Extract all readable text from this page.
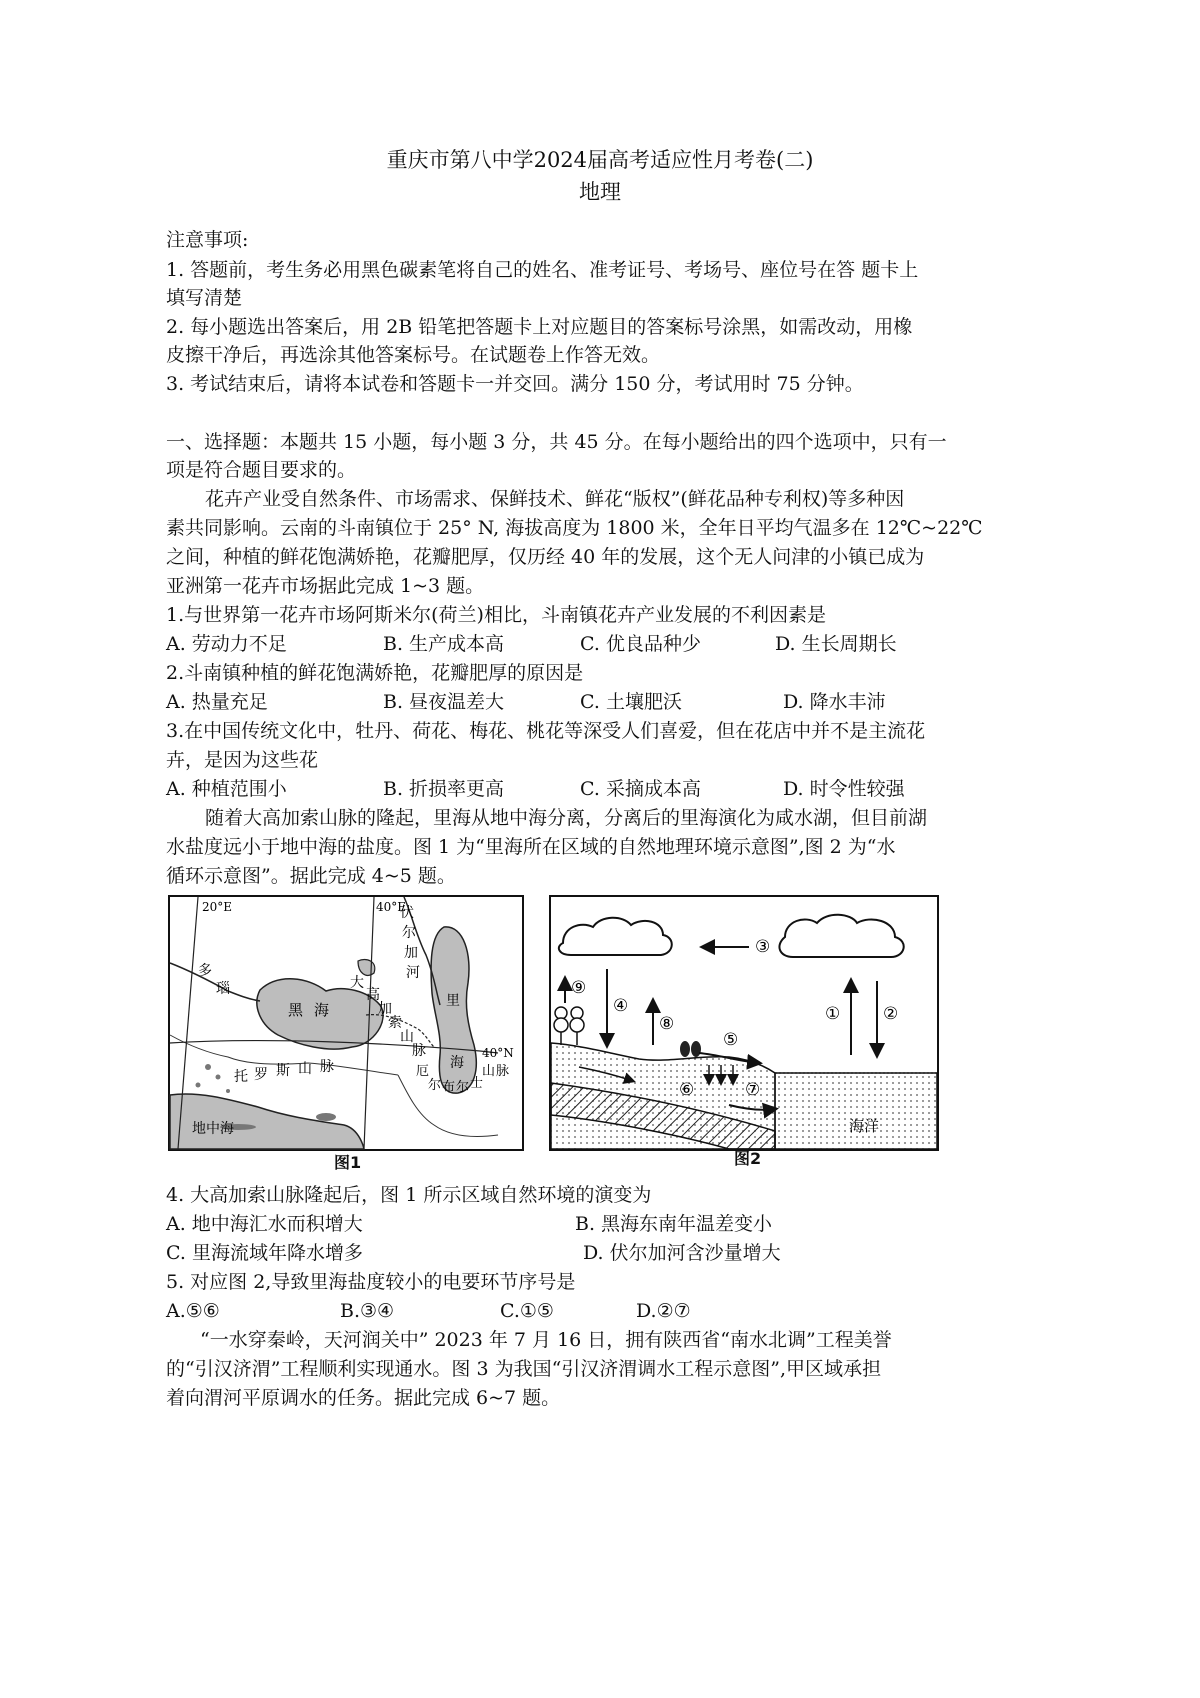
重庆市第八中学2024届高考适应性月考卷(二)
地理
注意事项:
1. 答题前，考生务必用黑色碳素笔将自己的姓名、准考证号、考场号、座位号在答 题卡上
填写清楚
2. 每小题选出答案后，用 2B 铅笔把答题卡上对应题目的答案标号涂黑，如需改动，用橡
皮擦干净后，再选涂其他答案标号。在试题卷上作答无效。
3. 考试结束后，请将本试卷和答题卡一并交回。满分 150 分，考试用时 75 分钟。
一、选择题：本题共 15 小题，每小题 3 分，共 45 分。在每小题给出的四个选项中，只有一
项是符合题目要求的。
花卉产业受自然条件、市场需求、保鲜技术、鲜花“版权”(鲜花品种专利权)等多种因
素共同影响。云南的斗南镇位于 25° N, 海拔高度为 1800 米，全年日平均气温多在 12℃~22℃
之间，种植的鲜花饱满娇艳，花瓣肥厚，仅历经 40 年的发展，这个无人问津的小镇已成为
亚洲第一花卉市场据此完成 1~3 题。
1.与世界第一花卉市场阿斯米尔(荷兰)相比，斗南镇花卉产业发展的不利因素是
A. 劳动力不足	B. 生产成本高	C. 优良品种少	D. 生长周期长
2.斗南镇种植的鲜花饱满娇艳，花瓣肥厚的原因是
A. 热量充足	B. 昼夜温差大	C. 土壤肥沃	D. 降水丰沛
3.在中国传统文化中，牡丹、荷花、梅花、桃花等深受人们喜爱，但在花店中并不是主流花
卉，是因为这些花
A. 种植范围小	B. 折损率更高	C. 采摘成本高	D. 时令性较强
随着大高加索山脉的隆起，里海从地中海分离，分离后的里海演化为咸水湖，但目前湖
水盐度远小于地中海的盐度。图 1 为“里海所在区域的自然地理环境示意图”,图 2 为“水
循环示意图”。据此完成 4~5 题。
20°E	40°E
40°N
多
瑙
伏
尔
加
河
黑 海
大
高
加
索
山
脉
里
海
托 罗 斯 山 脉	厄
尔 布 尔 士
山 脉
地中海
图1
③
①	②
⑨
④
⑧
⑤
⑥	⑦
海洋
图2
4. 大高加索山脉隆起后，图 1 所示区域自然环境的演变为
A. 地中海汇水而积增大	B. 黑海东南年温差变小
C. 里海流域年降水增多	D. 伏尔加河含沙量增大
5. 对应图 2,导致里海盐度较小的电要环节序号是
A.⑤⑥	B.③④	C.①⑤	D.②⑦
“一水穿秦岭，天河润关中” 2023 年 7 月 16 日，拥有陕西省“南水北调”工程美誉
的“引汉济渭”工程顺利实现通水。图 3 为我国“引汉济渭调水工程示意图”,甲区域承担
着向渭河平原调水的任务。据此完成 6~7 题。
